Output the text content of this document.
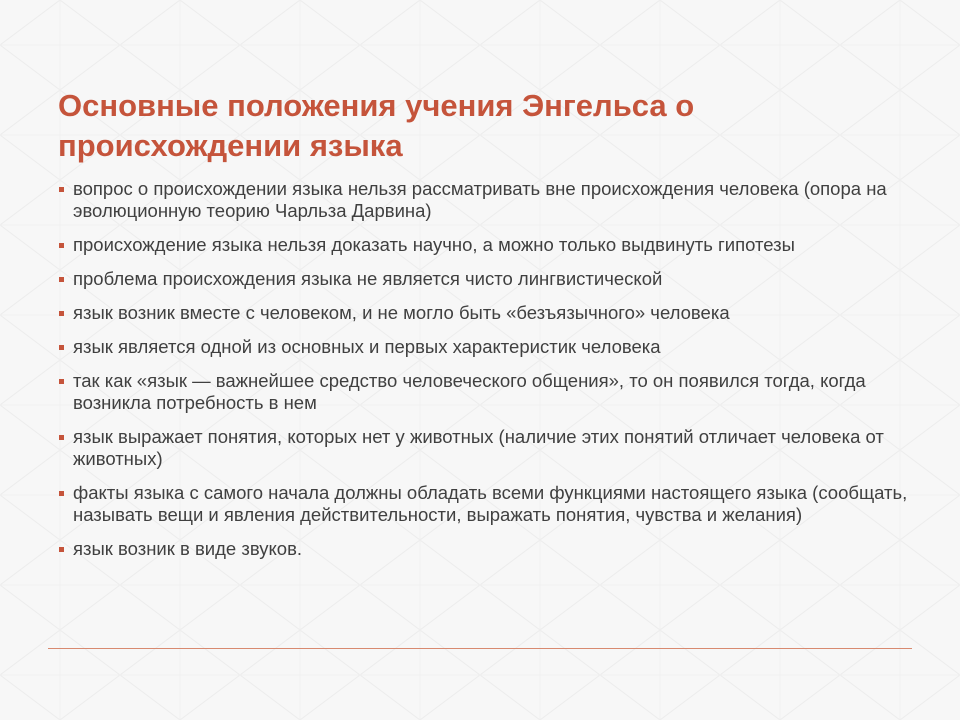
Основные положения учения Энгельса о происхождении языка
вопрос о происхождении языка нельзя рассматривать вне происхождения человека (опора на эволюционную теорию Чарльза Дарвина)
происхождение языка нельзя доказать научно, а можно только выдвинуть гипотезы
проблема происхождения языка не является чисто лингвистической
язык возник вместе с человеком, и не могло быть «безъязычного» человека
язык является одной из основных и первых характеристик человека
так как «язык — важнейшее средство человеческого общения», то он появился тогда, когда возникла потребность в нем
язык выражает понятия, которых нет у животных (наличие этих понятий отличает человека от животных)
факты языка с самого начала должны обладать всеми функциями настоящего языка (сообщать, называть вещи и явления действительности, выражать понятия, чувства и желания)
язык возник в виде звуков.
